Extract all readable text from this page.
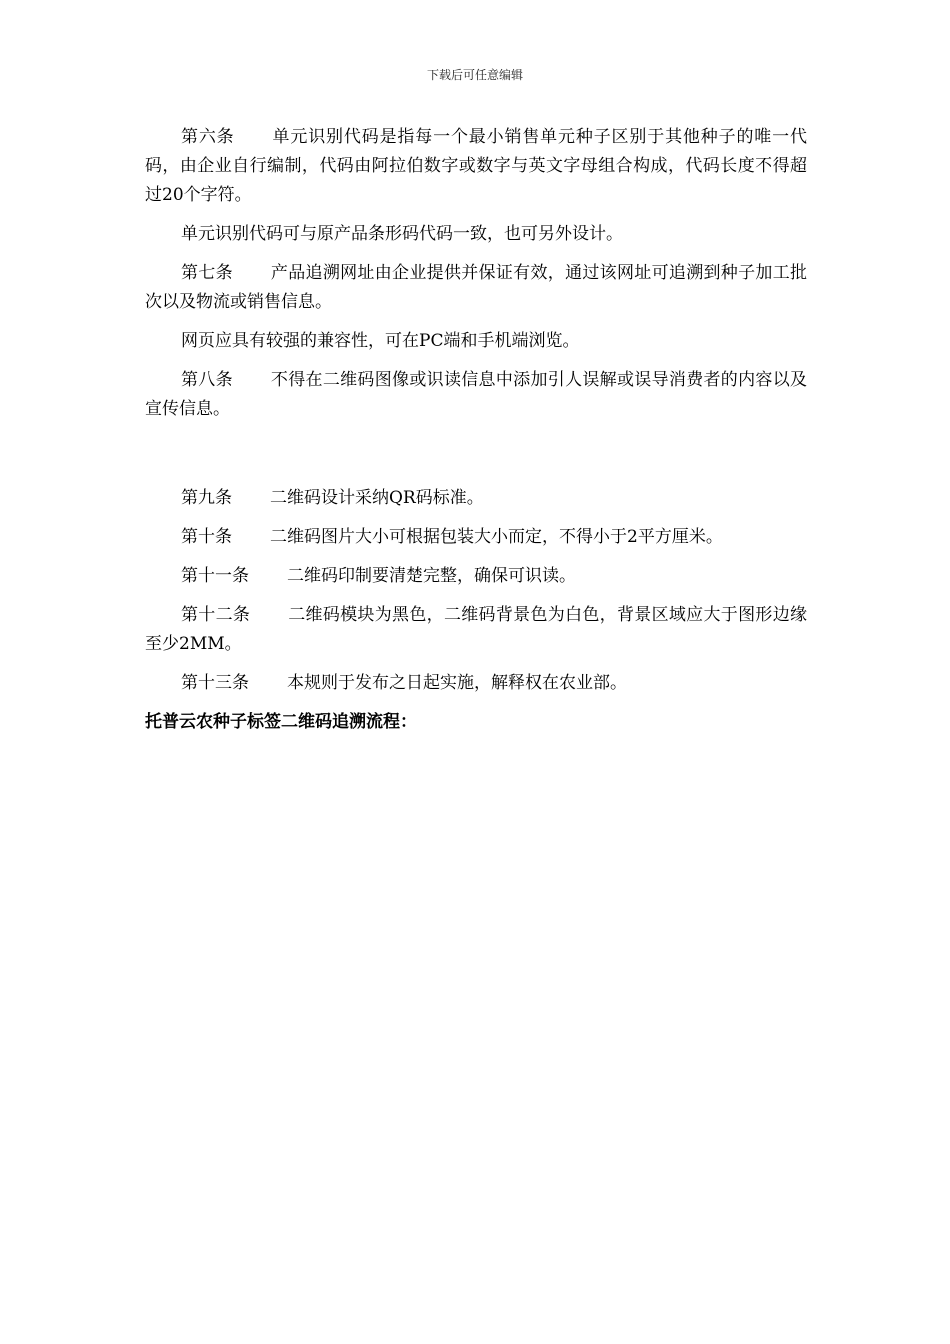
下载后可任意编辑

第六条 单元识别代码是指每一个最小销售单元种子区别于其他种子的唯一代码，由企业自行编制，代码由阿拉伯数字或数字与英文字母组合构成，代码长度不得超过20个字符。

单元识别代码可与原产品条形码代码一致，也可另外设计。

第七条 产品追溯网址由企业提供并保证有效，通过该网址可追溯到种子加工批次以及物流或销售信息。

网页应具有较强的兼容性，可在PC端和手机端浏览。

第八条 不得在二维码图像或识读信息中添加引人误解或误导消费者的内容以及宣传信息。

第九条 二维码设计采纳QR码标准。

第十条 二维码图片大小可根据包装大小而定，不得小于2平方厘米。

第十一条 二维码印制要清楚完整，确保可识读。

第十二条 二维码模块为黑色，二维码背景色为白色，背景区域应大于图形边缘至少2MM。

第十三条 本规则于发布之日起实施，解释权在农业部。

托普云农种子标签二维码追溯流程：
